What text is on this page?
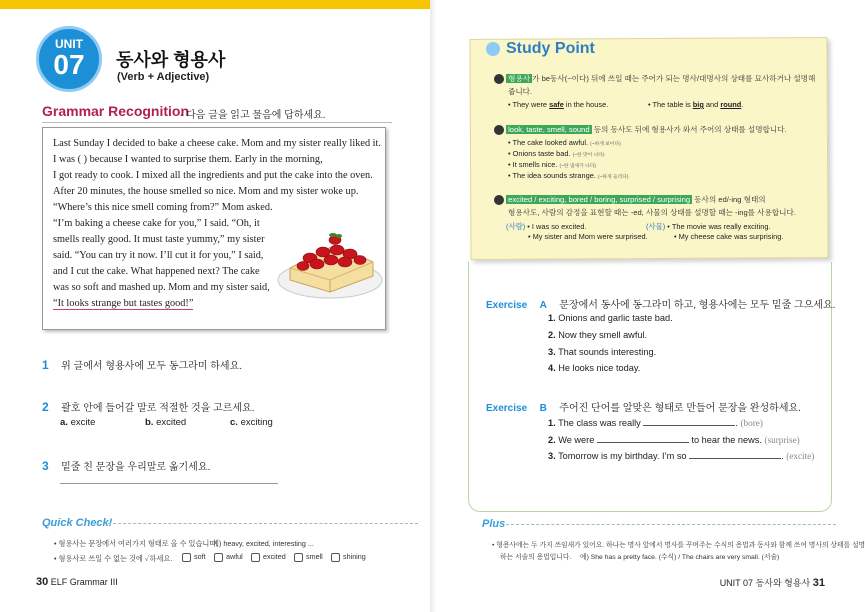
UNIT
07	동사와 형용사
(Verb + Adjective)
Grammar Recognition
- 다음 글을 읽고 물음에 답하세요.

Last Sunday I decided to bake a cheese cake. Mom and my sister really liked it.

I was ( ) because I wanted to surprise them. Early in the morning,

I got ready to cook. I mixed all the ingredients and put the cake into the oven.

After 20 minutes, the house smelled so nice. Mom and my sister woke up.

“Where’s this nice smell coming from?” Mom asked.

“I’m baking a cheese cake for you,” I said. “Oh, it

smells really good. It must taste yummy,” my sister

said. “You can try it now. I’ll cut it for you,” I said,

and I cut the cake. What happened next? The cake

was so soft and mashed up. Mom and my sister said,

“It looks strange but tastes good!”

1 위 글에서 형용사에 모두 동그라미 하세요.
2 괄호 안에 들어갈 말로 적절한 것을 고르세요.
a. excite	b. excited	c. exciting
3 밑줄 친 문장을 우리말로 옮기세요.
Quick Check!
• 형용사는 문장에서 여러가지 형태로 올 수 있습니다.
예) heavy, excited, interesting ...
• 형용사로 쓰일 수 없는 것에 ✓하세요.	soft	awful	excited	smell	shining
30 ELF Grammar III
Study Point
형용사 가 be동사(~이다) 뒤에 쓰일 때는 주어가 되는 명사/대명사의 상태를 묘사하거나 설명해
줍니다.
• They were safe in the house.	• The table is big and round.
look, taste, smell, sound 등의 동사도 뒤에 형용사가 와서 주어의 상태를 설명합니다.
• The cake looked awful. (~하게 보이다)
• Onions taste bad. (~한 맛이 나다)
• It smells nice. (~한 냄새가 나다)
• The idea sounds strange. (~하게 들리다)
excited / exciting, bored / boring, surprised / surprising 동사의 ed/-ing 형태의
형용사도, 사람의 감정을 표현할 때는 -ed, 사물의 상태를 설명할 때는 -ing를 사용합니다.
(사람) • I was so excited.	(사물) • The movie was really exciting.
• My sister and Mom were surprised.	• My cheese cake was surprising.
Exercise A 문장에서 동사에 동그라미 하고, 형용사에는 모두 밑줄 그으세요.
1. Onions and garlic taste bad.
2. Now they smell awful.
3. That sounds interesting.
4. He looks nice today.
Exercise B 주어진 단어를 알맞은 형태로 만들어 문장을 완성하세요.
1. The class was really	. (bore)
2. We were	to hear the news. (surprise)
3. Tomorrow is my birthday. I’m so	. (excite)
Plus
• 형용사에는 두 가지 쓰임새가 있어요. 하나는 명사 앞에서 명사를 꾸며주는 수식의 용법과 동사와 함께 쓰여 명사의 상태를 설명
하는 서술의 용법입니다. 예) She has a pretty face. (수식) / The chairs are very small. (서술)
UNIT 07 동사와 형용사 31
